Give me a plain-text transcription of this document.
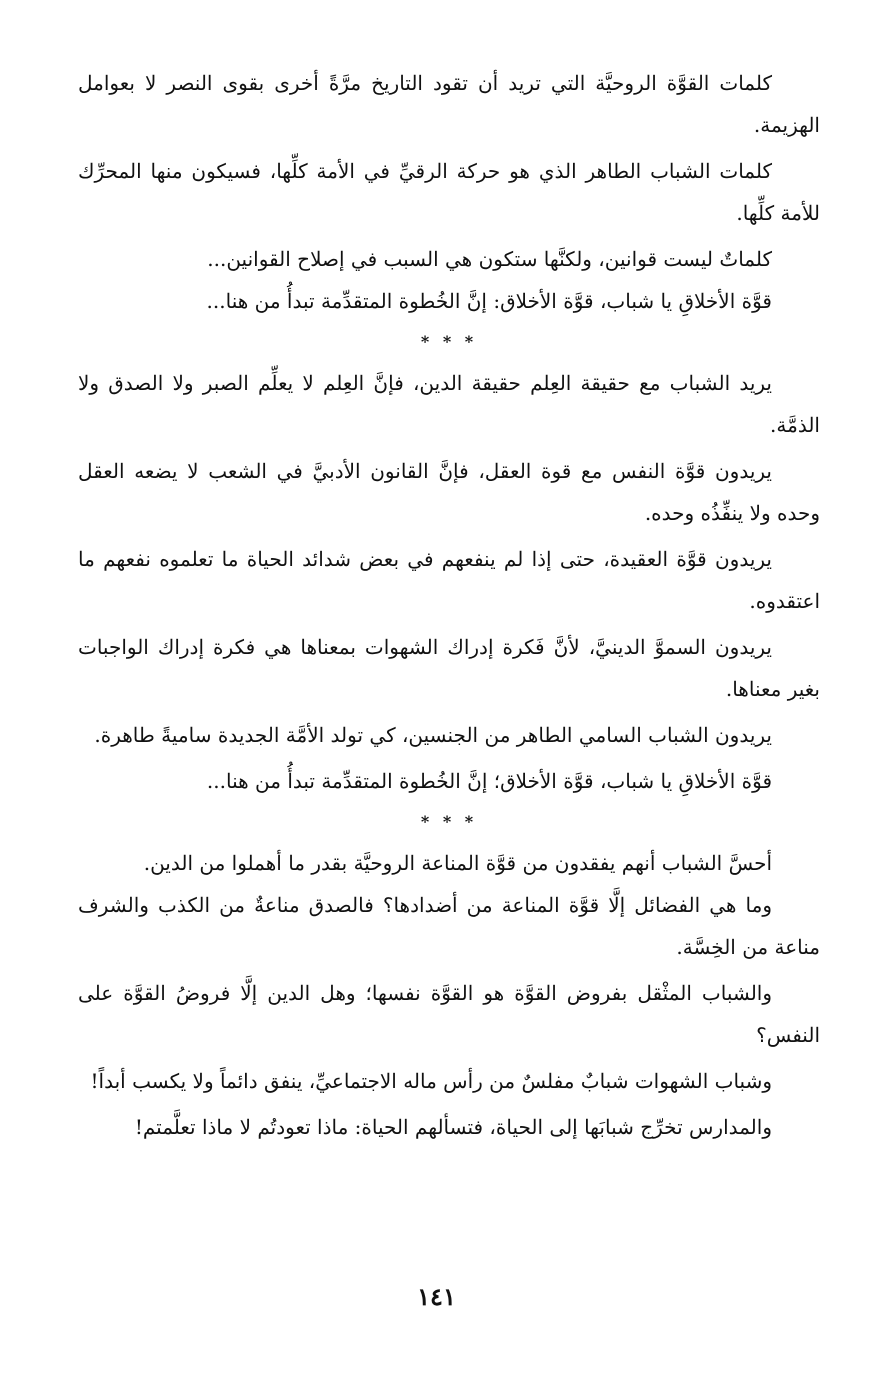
كلمات القوَّة الروحيَّة التي تريد أن تقود التاريخ مرَّةً أخرى بقوى النصر لا بعوامل الهزيمة.

كلمات الشباب الطاهر الذي هو حركة الرقيِّ في الأمة كلِّها، فسيكون منها المحرِّك للأمة كلِّها.

كلماتٌ ليست قوانين، ولكنَّها ستكون هي السبب في إصلاح القوانين...

قوَّة الأخلاقِ يا شباب، قوَّة الأخلاق: إنَّ الخُطوة المتقدِّمة تبدأُ من هنا...

* * *

يريد الشباب مع حقيقة العِلم حقيقة الدين، فإنَّ العِلم لا يعلِّم الصبر ولا الصدق ولا الذمَّة.

يريدون قوَّة النفس مع قوة العقل، فإنَّ القانون الأدبيَّ في الشعب لا يضعه العقل وحده ولا ينفِّذُه وحده.

يريدون قوَّة العقيدة، حتى إذا لم ينفعهم في بعض شدائد الحياة ما تعلموه نفعهم ما اعتقدوه.

يريدون السموَّ الدينيَّ، لأنَّ فَكرة إدراك الشهوات بمعناها هي فكرة إدراك الواجبات بغير معناها.

يريدون الشباب السامي الطاهر من الجنسين، كي تولد الأمَّة الجديدة ساميةً طاهرة.

قوَّة الأخلاقِ يا شباب، قوَّة الأخلاق؛ إنَّ الخُطوة المتقدِّمة تبدأُ من هنا...

* * *

أحسَّ الشباب أنهم يفقدون من قوَّة المناعة الروحيَّة بقدر ما أهملوا من الدين.

وما هي الفضائل إلَّا قوَّة المناعة من أضدادها؟ فالصدق مناعةٌ من الكذب والشرف مناعة من الخِسَّة.

والشباب المثْقل بفروض القوَّة هو القوَّة نفسها؛ وهل الدين إلَّا فروضُ القوَّة على النفس؟

وشباب الشهوات شبابٌ مفلسٌ من رأس ماله الاجتماعيِّ، ينفق دائماً ولا يكسب أبداً!

والمدارس تخرِّج شبابَها إلى الحياة، فتسألهم الحياة: ماذا تعودتُم لا ماذا تعلَّمتم!

١٤١
